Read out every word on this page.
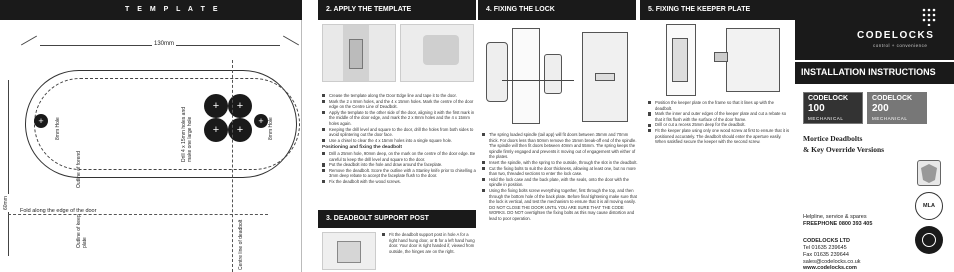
T E M P L A T E
130mm
+	+
+	+
+	+
8mm Hole	8mm Hole
Drill 4 x 15mm holes and make one large hole
Outline of forend
Outline of keep plate
60mm
Fold along the edge of the door
Centre line of deadbolt
2. APPLY THE TEMPLATE
Crease the template along the Door Edge line and tape it to the door.
Mark the 2 x 8mm holes, and the 4 x 15mm holes. Mark the centre of the door edge on the Centre Line of Deadbolt.
Apply the template to the other side of the door, aligning it with the first mark in the middle of the door edge, and mark the 2 x 8mm holes and the 4 x 15mm holes again.
Keeping the drill level and square to the door, drill the holes from both sides to avoid splintering out the door face.
Use a chisel to clear the 4 x 15mm holes into a single square hole.
Positioning and fixing the deadbolt
Drill a 25mm hole, 90mm deep, on the mark on the centre of the door edge. Be careful to keep the drill level and square to the door.
Put the deadbolt into the hole and draw around the faceplate.
Remove the deadbolt. Score the outline with a Stanley knife prior to chiselling a 3mm deep rebate to accept the faceplate flush to the door.
Fix the deadbolt with the wood screws.
3. DEADBOLT SUPPORT POST
Fit the deadbolt support post in hole A for a right hand hung door, or B for a left hand hung door. Your door is right handed if, viewed from outside, the hinges are on the right.
4. FIXING THE LOCK
The spring loaded spindle (tail app) will fit doors between 35mm and 70mm thick. For doors less than 50mm remove the 15mm break-off end of the spindle. The spindle will then fit doors between 40mm and 55mm. The spring keeps the spindle firmly engaged and prevents it moving out of engagement with either of the plates.
Insert the spindle, with the spring to the outside, through the slot in the deadbolt.
Cut the fixing bolts to suit the door thickness, allowing at least one, but no more than two, threaded sections to enter the lock case.
Hold the lock case and the back plate, with the seals, onto the door with the spindle in position.
Using the fixing bolts screw everything together, first through the top, and then through the bottom hole of the back plate. Before final tightening make sure that the lock is vertical, and test the mechanism to ensure that it is all moving easily. DO NOT CLOSE THE DOOR UNTIL YOU ARE SURE THAT THE CODE WORKS. DO NOT overtighten the fixing bolts as this may cause distortion and lead to poor operation.
5. FIXING THE KEEPER PLATE
Position the keeper plate on the frame so that it lines up with the deadbolt.
Mark the inner and outer edges of the keeper plate and cut a rebate so that it fits flush with the surface of the door frame.
Drill or cut a recess 25mm deep for the deadbolt.
Fit the keeper plate using only one wood screw at first to ensure that it is positioned accurately. The deadbolt should enter the aperture easily. When satisfied secure the keeper with the second screw.
CODELOCKS
control + convenience
INSTALLATION INSTRUCTIONS
CODELOCK
100
MECHANICAL
CODELOCK
200
MECHANICAL
Mortice Deadbolts
& Key Override Versions
Helpline, service & spares
FREEPHONE 0800 393 405
CODELOCKS LTD
Tel 01635 239645
Fax 01635 239644
sales@codelocks.co.uk
www.codelocks.com
MLA
